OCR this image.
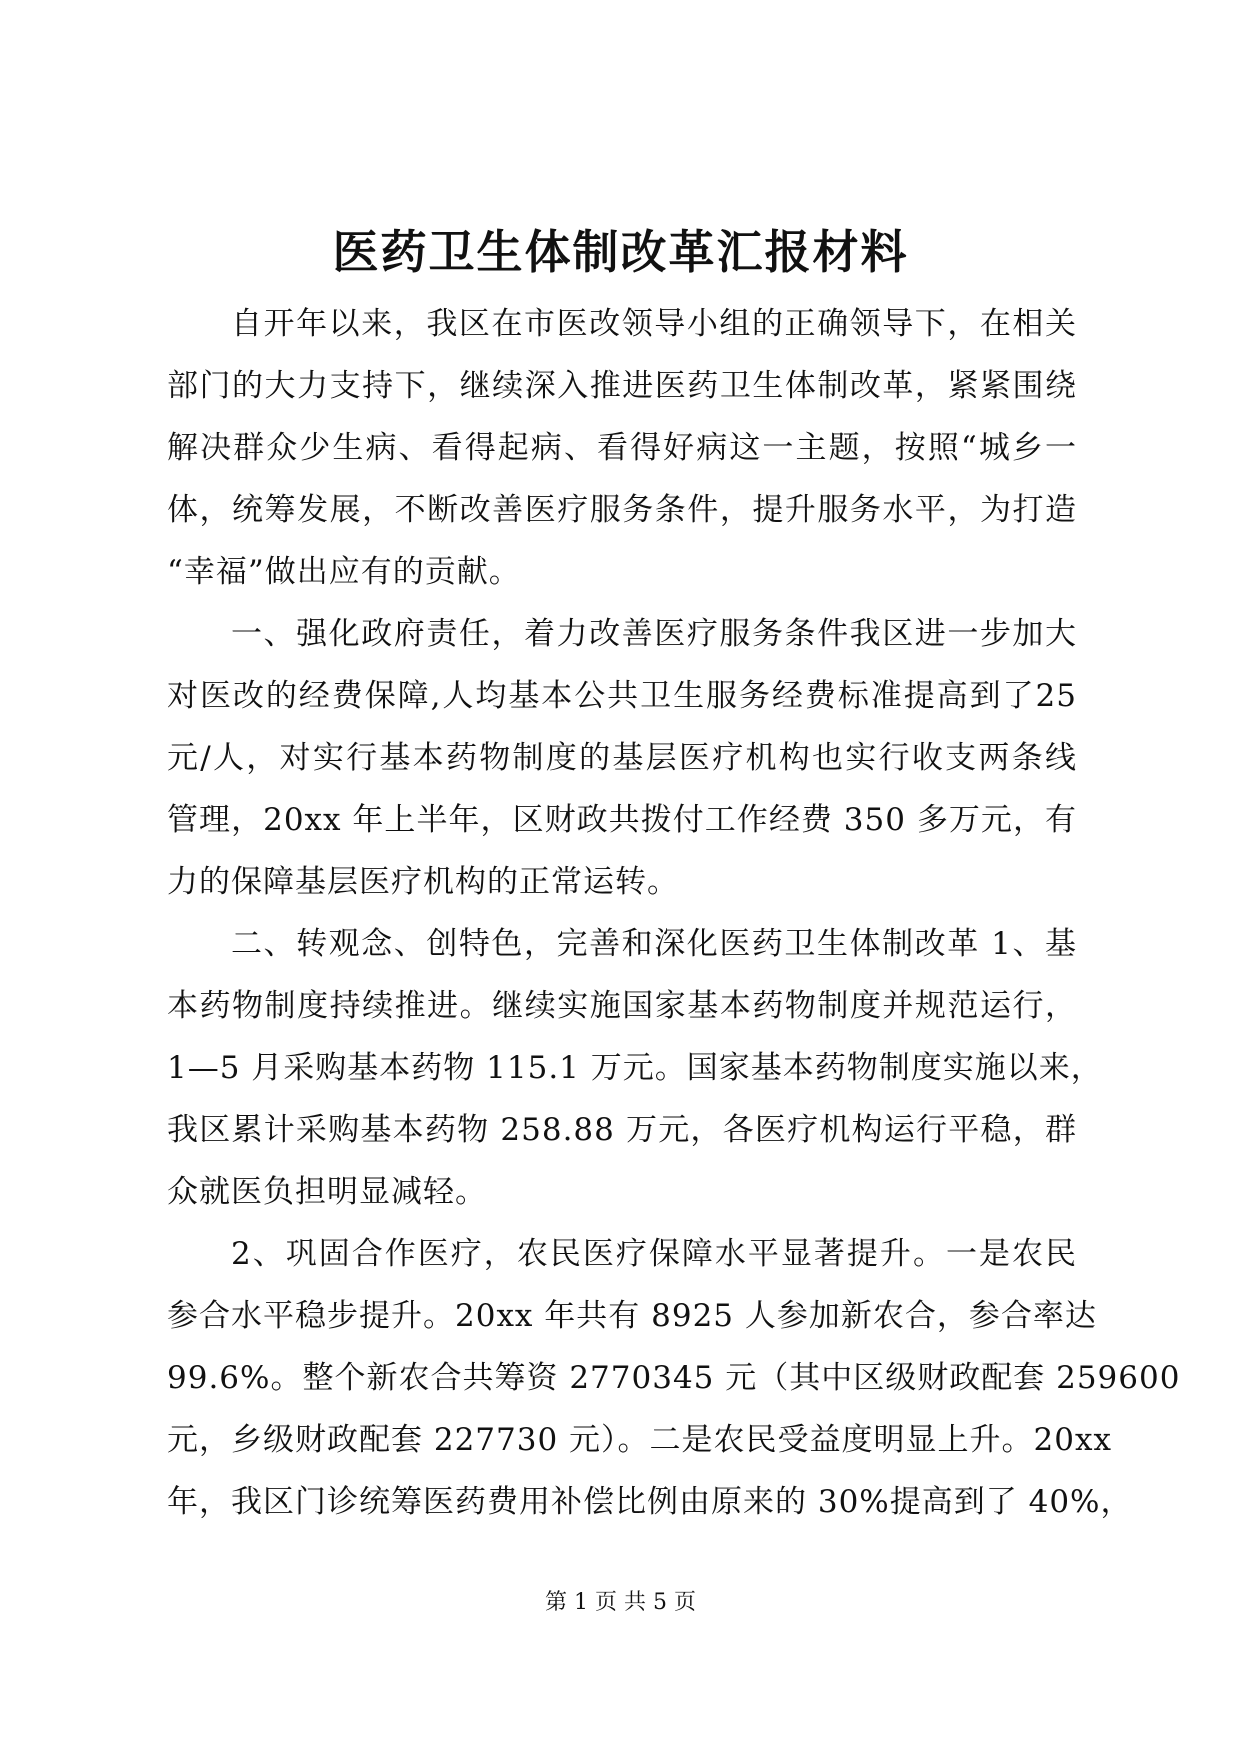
医药卫生体制改革汇报材料
自开年以来，我区在市医改领导小组的正确领导下，在相关
部门的大力支持下，继续深入推进医药卫生体制改革，紧紧围绕
解决群众少生病、看得起病、看得好病这一主题，按照“城乡一
体，统筹发展，不断改善医疗服务条件，提升服务水平，为打造
“幸福”做出应有的贡献。
一、强化政府责任，着力改善医疗服务条件我区进一步加大
对医改的经费保障,人均基本公共卫生服务经费标准提高到了25
元/人，对实行基本药物制度的基层医疗机构也实行收支两条线
管理，20xx 年上半年，区财政共拨付工作经费 350 多万元，有
力的保障基层医疗机构的正常运转。
二、转观念、创特色，完善和深化医药卫生体制改革 1、基
本药物制度持续推进。继续实施国家基本药物制度并规范运行，
1—5 月采购基本药物 115.1 万元。国家基本药物制度实施以来，
我区累计采购基本药物 258.88 万元，各医疗机构运行平稳，群
众就医负担明显减轻。
2、巩固合作医疗，农民医疗保障水平显著提升。一是农民
参合水平稳步提升。20xx 年共有 8925 人参加新农合，参合率达
99.6%。整个新农合共筹资 2770345 元（其中区级财政配套 259600
元，乡级财政配套 227730 元）。二是农民受益度明显上升。20xx
年，我区门诊统筹医药费用补偿比例由原来的 30%提高到了 40%，
第 1 页 共 5 页
